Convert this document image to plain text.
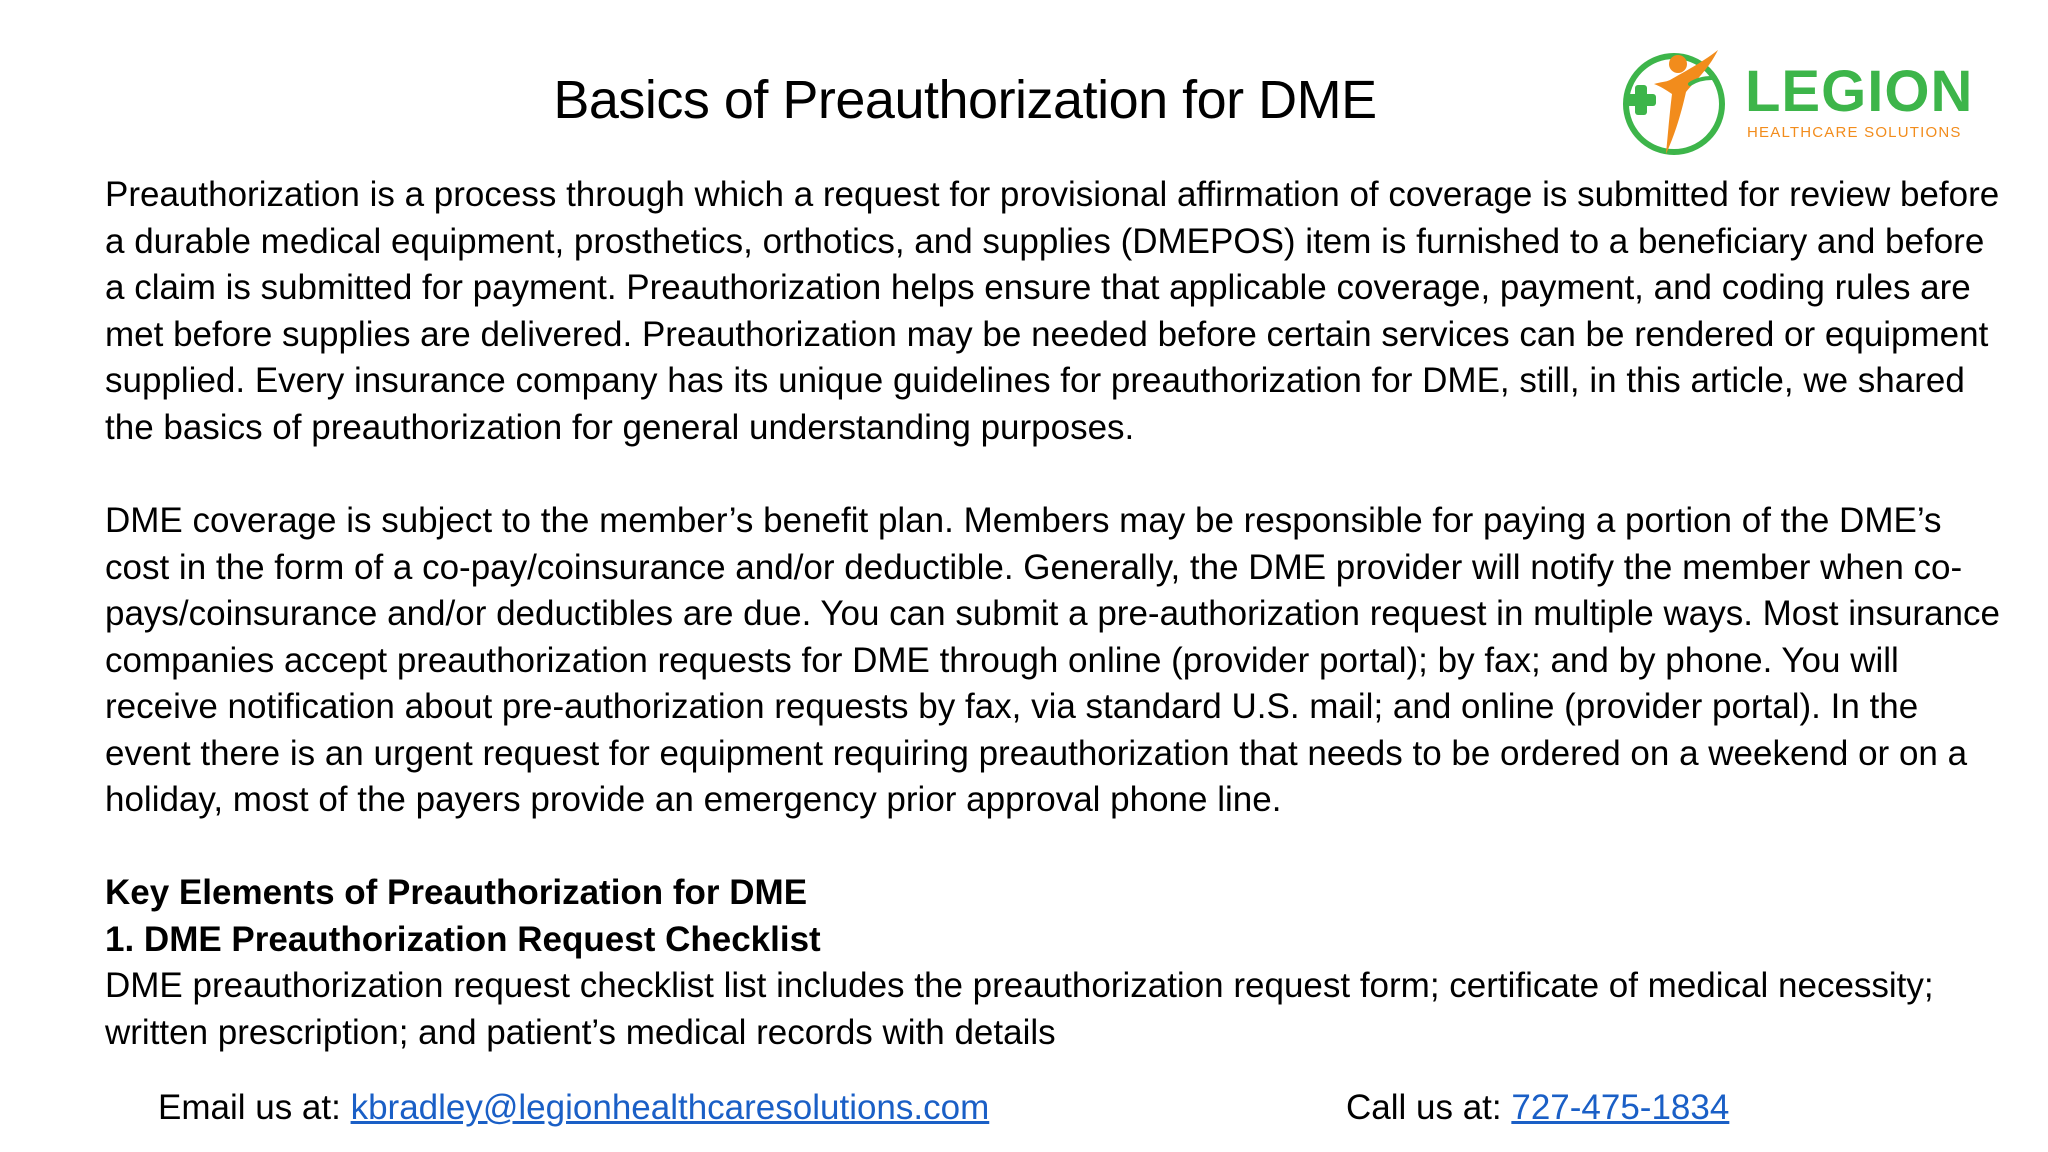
Basics of Preauthorization for DME	LEGION
HEALTHCARE SOLUTIONS

Preauthorization is a process through which a request for provisional affirmation of coverage is submitted for review before a durable medical equipment, prosthetics, orthotics, and supplies (DMEPOS) item is furnished to a beneficiary and before a claim is submitted for payment. Preauthorization helps ensure that applicable coverage, payment, and coding rules are met before supplies are delivered. Preauthorization may be needed before certain services can be rendered or equipment supplied. Every insurance company has its unique guidelines for preauthorization for DME, still, in this article, we shared the basics of preauthorization for general understanding purposes.

DME coverage is subject to the member’s benefit plan. Members may be responsible for paying a portion of the DME’s cost in the form of a co-pay/coinsurance and/or deductible. Generally, the DME provider will notify the member when co-pays/coinsurance and/or deductibles are due. You can submit a pre-authorization request in multiple ways. Most insurance companies accept preauthorization requests for DME through online (provider portal); by fax; and by phone. You will receive notification about pre-authorization requests by fax, via standard U.S. mail; and online (provider portal). In the event there is an urgent request for equipment requiring preauthorization that needs to be ordered on a weekend or on a holiday, most of the payers provide an emergency prior approval phone line.

Key Elements of Preauthorization for DME
1. DME Preauthorization Request Checklist
DME preauthorization request checklist list includes the preauthorization request form; certificate of medical necessity; written prescription; and patient’s medical records with details
Email us at: kbradley@legionhealthcaresolutions.com	Call us at: 727-475-1834
